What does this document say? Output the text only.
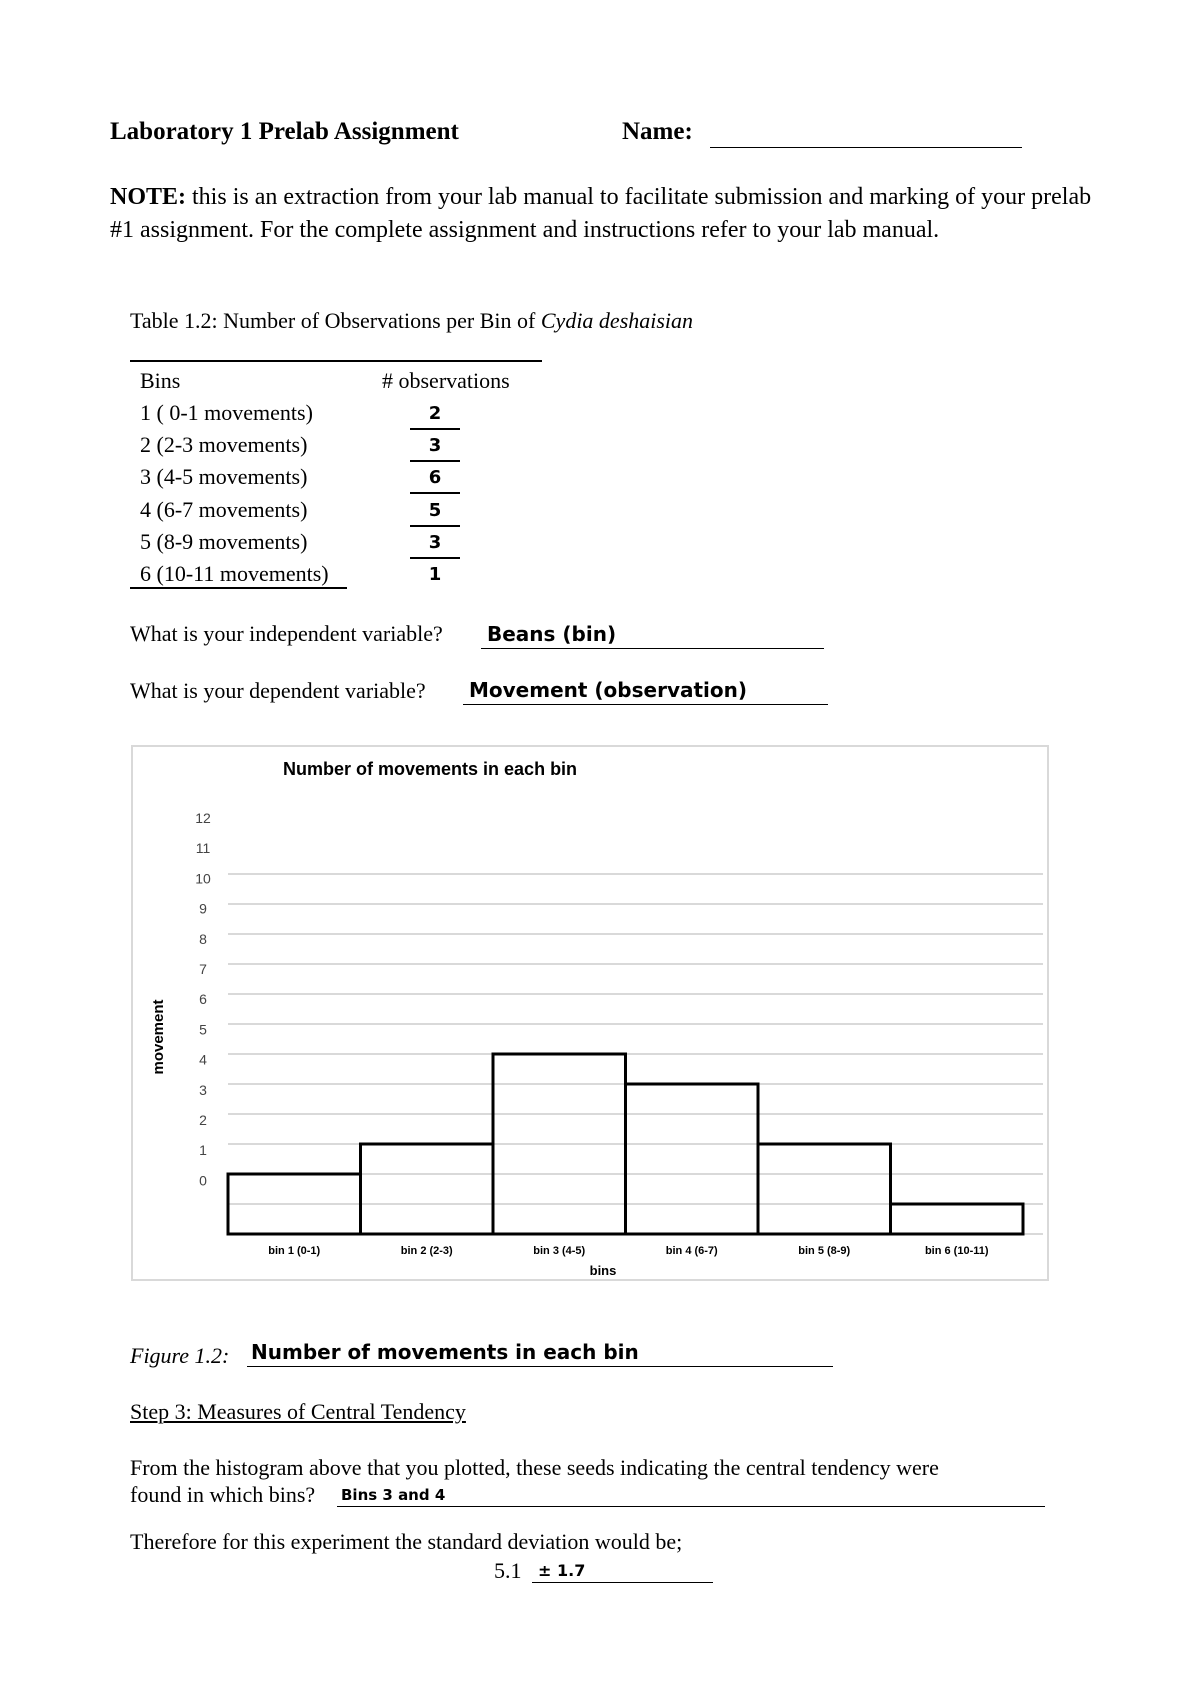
Laboratory 1 Prelab Assignment	Name:
NOTE: this is an extraction from your lab manual to facilitate submission and marking of your prelab #1 assignment. For the complete assignment and instructions refer to your lab manual.
Table 1.2: Number of Observations per Bin of Cydia deshaisian
Bins	# observations
1 ( 0-1 movements)	2
2 (2-3 movements)	3
3 (4-5 movements)	6
4 (6-7 movements)	5
5 (8-9 movements)	3
6 (10-11 movements)	1
What is your independent variable? Beans (bin)
What is your dependent variable? Movement (observation)
Number of movements in each bin
12
11
10
9
8
7
6
5
4
3
2
1
0
bin 1 (0-1)	bin 2 (2-3)	bin 3 (4-5)	bin 4 (6-7)	bin 5 (8-9)	bin 6 (10-11)
bins
movement
Figure 1.2: Number of movements in each bin
Step 3: Measures of Central Tendency
From the histogram above that you plotted, these seeds indicating the central tendency were
found in which bins? Bins 3 and 4
Therefore for this experiment the standard deviation would be;
5.1 ± 1.7
